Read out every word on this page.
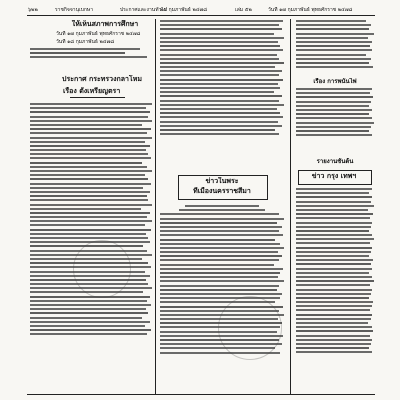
๖๒๒	ราชกิจจานุเบกษา	ประกาศและงานทั่วไป
๒๔ กุมภาพันธ์ ๒๔๗๘	เล่ม ๕๒	วันที่ ๑๗ กุมภาพันธ์ พุทธศักราช ๒๔๗๘
ให้เห็นสภาพการศึกษา
วันที่ ๑๗ กุมภาพันธ์ พุทธศักราช ๒๔๗๘
วันที่ ๑๘ กุมภาพันธ์ ๒๔๗๘
ประกาศ กระทรวงกลาโหม
เรื่อง ตั้งเหรียญตรา
ข่าวในพระ
ที่เมืองนครราชสีมา
เรื่อง การพนันไพ่
รายงานชั้นต้น
ข่าว กรุง เทพฯ
